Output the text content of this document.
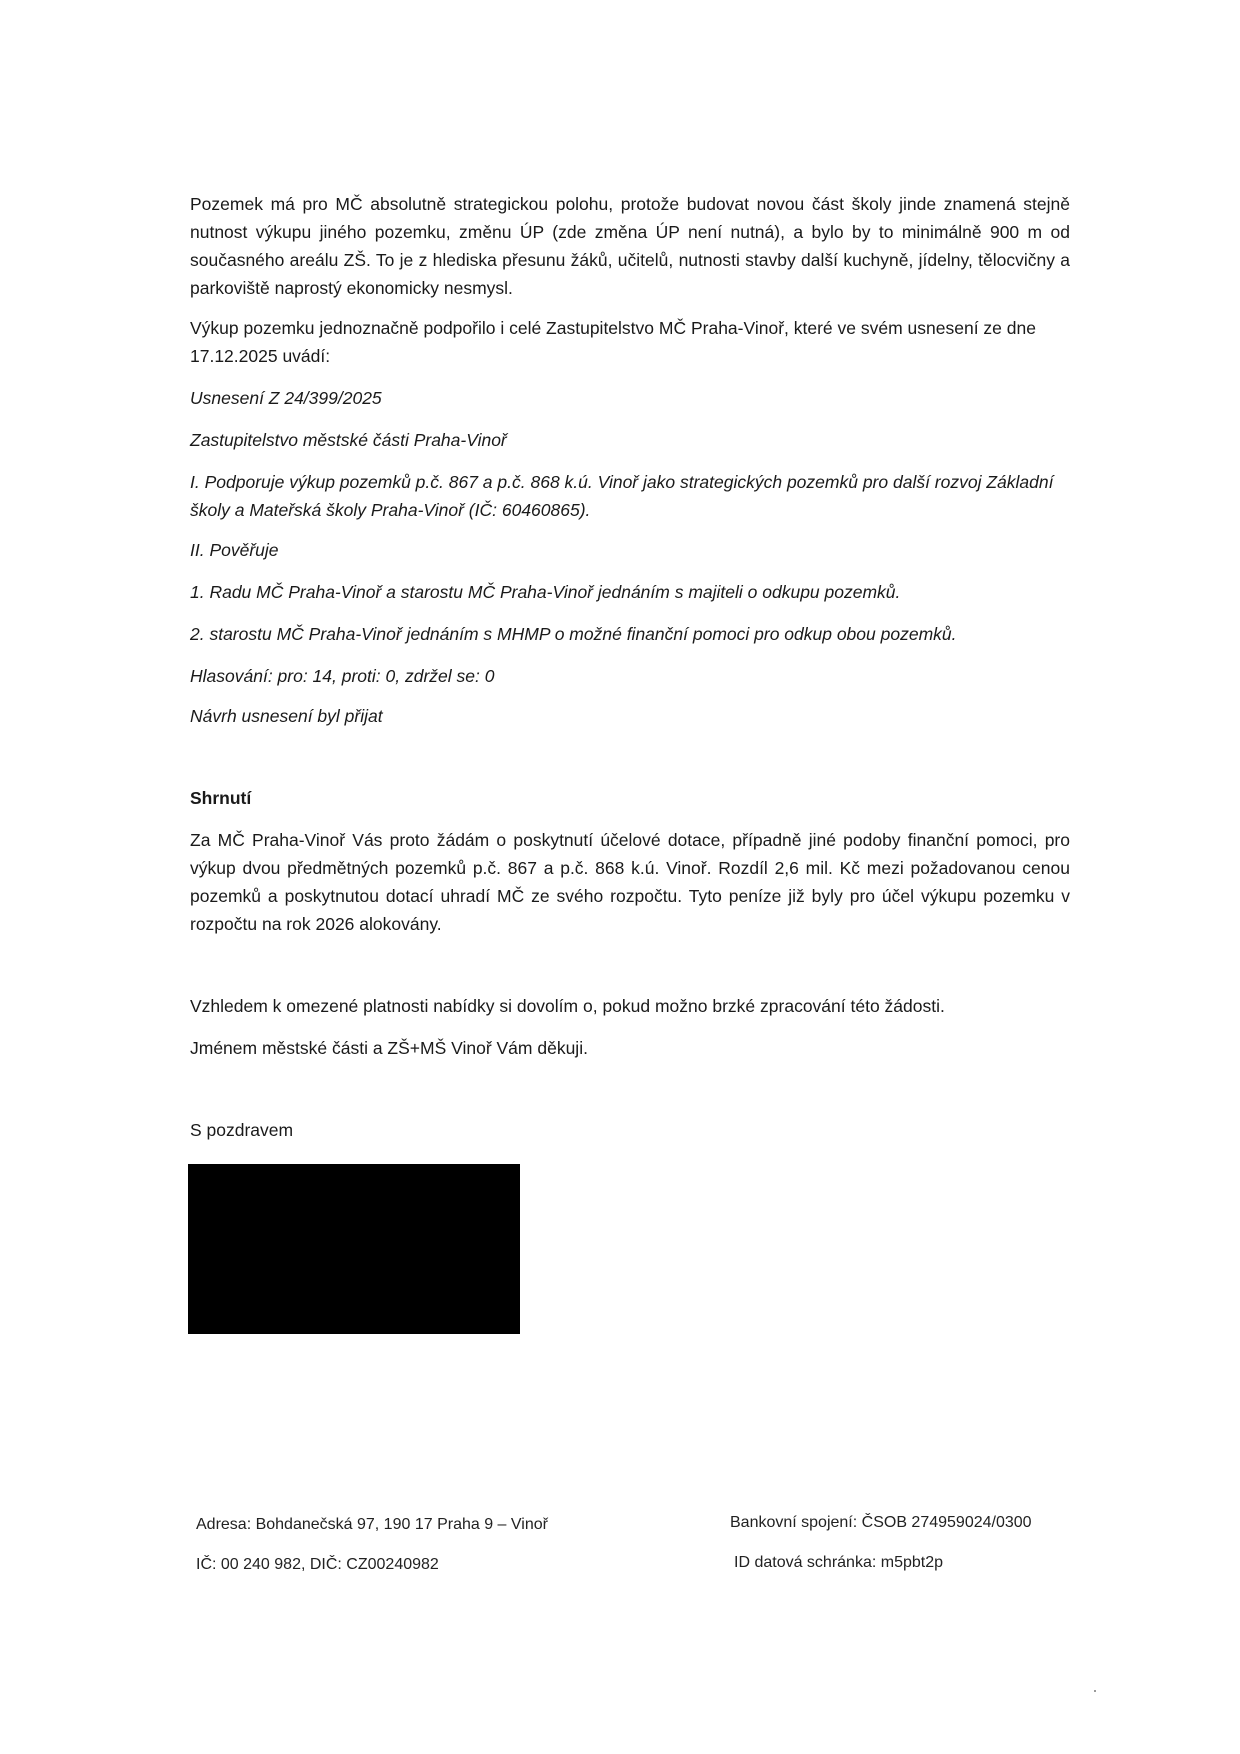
Pozemek má pro MČ absolutně strategickou polohu, protože budovat novou část školy jinde znamená stejně nutnost výkupu jiného pozemku, změnu ÚP (zde změna ÚP není nutná), a bylo by to minimálně 900 m od současného areálu ZŠ. To je z hlediska přesunu žáků, učitelů, nutnosti stavby další kuchyně, jídelny, tělocvičny a parkoviště naprostý ekonomicky nesmysl.

Výkup pozemku jednoznačně podpořilo i celé Zastupitelstvo MČ Praha-Vinoř, které ve svém usnesení ze dne 17.12.2025 uvádí:

Usnesení Z 24/399/2025

Zastupitelstvo městské části Praha-Vinoř

I. Podporuje výkup pozemků p.č. 867 a p.č. 868 k.ú. Vinoř jako strategických pozemků pro další rozvoj Základní školy a Mateřská školy Praha-Vinoř (IČ: 60460865).

II. Pověřuje

1. Radu MČ Praha-Vinoř a starostu MČ Praha-Vinoř jednáním s majiteli o odkupu pozemků.

2. starostu MČ Praha-Vinoř jednáním s MHMP o možné finanční pomoci pro odkup obou pozemků.

Hlasování: pro: 14, proti: 0, zdržel se: 0

Návrh usnesení byl přijat

Shrnutí

Za MČ Praha-Vinoř Vás proto žádám o poskytnutí účelové dotace, případně jiné podoby finanční pomoci, pro výkup dvou předmětných pozemků p.č. 867 a p.č. 868 k.ú. Vinoř. Rozdíl 2,6 mil. Kč mezi požadovanou cenou pozemků a poskytnutou dotací uhradí MČ ze svého rozpočtu. Tyto peníze již byly pro účel výkupu pozemku v rozpočtu na rok 2026 alokovány.

Vzhledem k omezené platnosti nabídky si dovolím o, pokud možno brzké zpracování této žádosti.

Jménem městské části a ZŠ+MŠ Vinoř Vám děkuji.

S pozdravem

Adresa: Bohdanečská 97, 190 17 Praha 9 – Vinoř

IČ: 00 240 982, DIČ: CZ00240982

Bankovní spojení: ČSOB 274959024/0300

ID datová schránka: m5pbt2p
